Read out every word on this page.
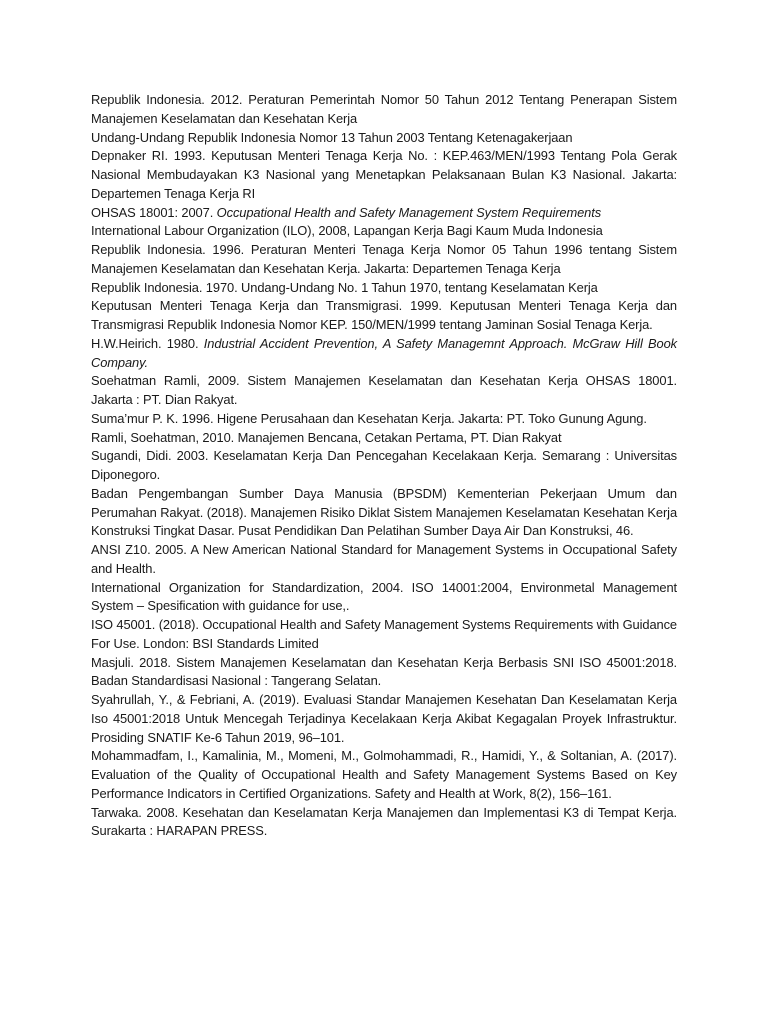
Republik Indonesia. 2012. Peraturan Pemerintah Nomor 50 Tahun 2012 Tentang Penerapan Sistem Manajemen Keselamatan dan Kesehatan Kerja

Undang-Undang Republik Indonesia Nomor 13 Tahun 2003 Tentang Ketenagakerjaan

Depnaker RI. 1993. Keputusan Menteri Tenaga Kerja No. : KEP.463/MEN/1993 Tentang Pola Gerak Nasional Membudayakan K3 Nasional yang Menetapkan Pelaksanaan Bulan K3 Nasional. Jakarta: Departemen Tenaga Kerja RI

OHSAS 18001: 2007. Occupational Health and Safety Management System Requirements

International Labour Organization (ILO), 2008, Lapangan Kerja Bagi Kaum Muda Indonesia

Republik Indonesia. 1996. Peraturan Menteri Tenaga Kerja Nomor 05 Tahun 1996 tentang Sistem Manajemen Keselamatan dan Kesehatan Kerja. Jakarta: Departemen Tenaga Kerja

Republik Indonesia. 1970. Undang-Undang No. 1 Tahun 1970, tentang Keselamatan Kerja

Keputusan Menteri Tenaga Kerja dan Transmigrasi. 1999. Keputusan Menteri Tenaga Kerja dan Transmigrasi Republik Indonesia Nomor KEP. 150/MEN/1999 tentang Jaminan Sosial Tenaga Kerja.

H.W.Heirich. 1980. Industrial Accident Prevention, A Safety Managemnt Approach. McGraw Hill Book Company.

Soehatman Ramli, 2009. Sistem Manajemen Keselamatan dan Kesehatan Kerja OHSAS 18001. Jakarta : PT. Dian Rakyat.

Suma’mur P. K. 1996. Higene Perusahaan dan Kesehatan Kerja. Jakarta: PT. Toko Gunung Agung.

Ramli, Soehatman, 2010. Manajemen Bencana, Cetakan Pertama, PT. Dian Rakyat

Sugandi, Didi. 2003. Keselamatan Kerja Dan Pencegahan Kecelakaan Kerja. Semarang : Universitas Diponegoro.

Badan Pengembangan Sumber Daya Manusia (BPSDM) Kementerian Pekerjaan Umum dan Perumahan Rakyat. (2018). Manajemen Risiko Diklat Sistem Manajemen Keselamatan Kesehatan Kerja Konstruksi Tingkat Dasar. Pusat Pendidikan Dan Pelatihan Sumber Daya Air Dan Konstruksi, 46.

ANSI Z10. 2005. A New American National Standard for Management Systems in Occupational Safety and Health.

International Organization for Standardization, 2004. ISO 14001:2004, Environmetal Management System – Spesification with guidance for use,.

ISO 45001. (2018). Occupational Health and Safety Management Systems Requirements with Guidance For Use. London: BSI Standards Limited

Masjuli. 2018. Sistem Manajemen Keselamatan dan Kesehatan Kerja Berbasis SNI ISO 45001:2018. Badan Standardisasi Nasional : Tangerang Selatan.

Syahrullah, Y., & Febriani, A. (2019). Evaluasi Standar Manajemen Kesehatan Dan Keselamatan Kerja Iso 45001:2018 Untuk Mencegah Terjadinya Kecelakaan Kerja Akibat Kegagalan Proyek Infrastruktur. Prosiding SNATIF Ke-6 Tahun 2019, 96–101.

Mohammadfam, I., Kamalinia, M., Momeni, M., Golmohammadi, R., Hamidi, Y., & Soltanian, A. (2017). Evaluation of the Quality of Occupational Health and Safety Management Systems Based on Key Performance Indicators in Certified Organizations. Safety and Health at Work, 8(2), 156–161.

Tarwaka. 2008. Kesehatan dan Keselamatan Kerja Manajemen dan Implementasi K3 di Tempat Kerja. Surakarta : HARAPAN PRESS.
